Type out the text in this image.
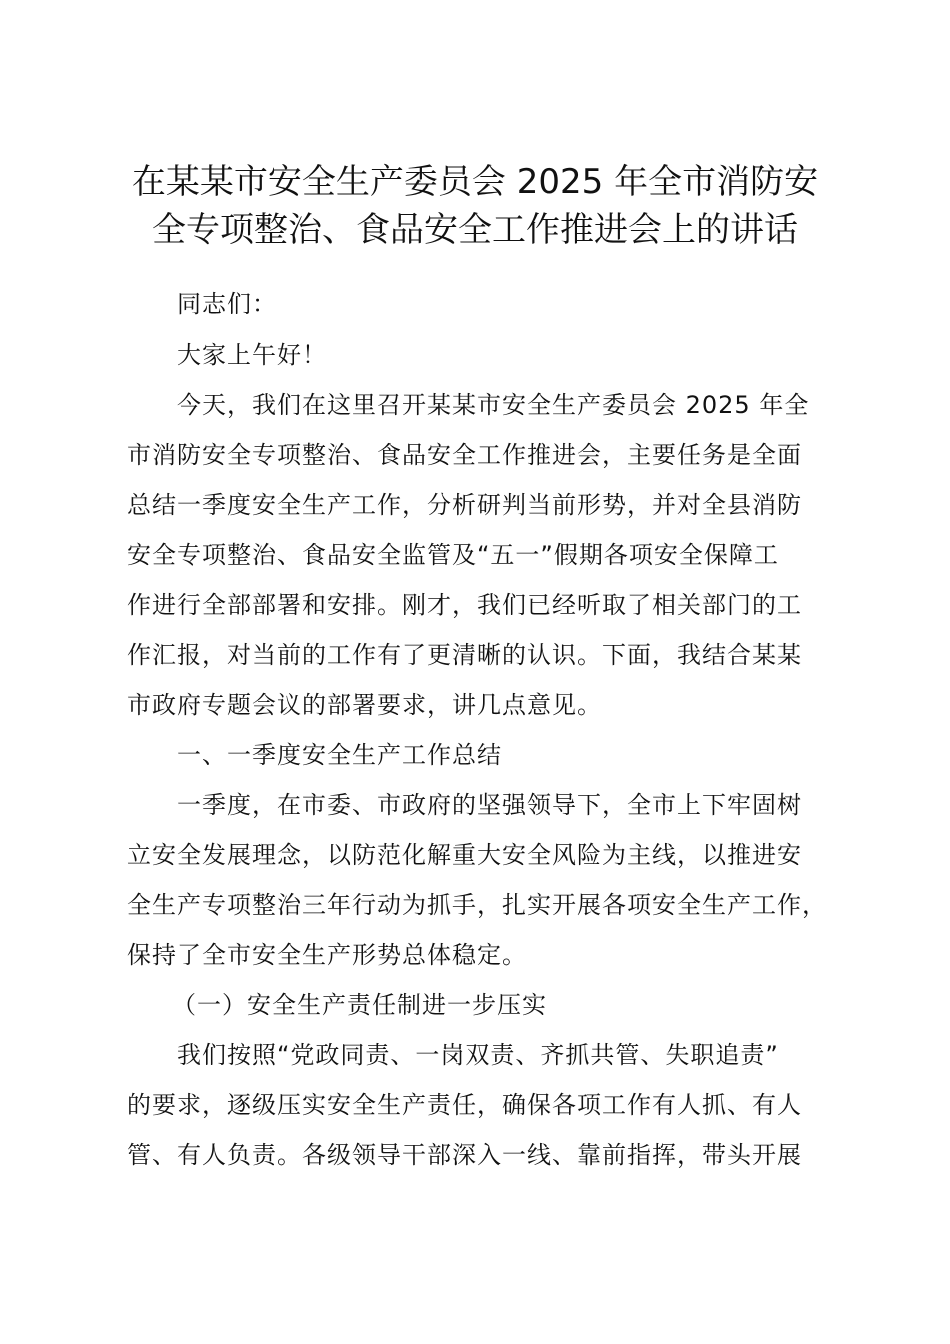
在某某市安全生产委员会 2025 年全市消防安
全专项整治、食品安全工作推进会上的讲话
同志们：
大家上午好！
今天，我们在这里召开某某市安全生产委员会 2025 年全
市消防安全专项整治、食品安全工作推进会，主要任务是全面
总结一季度安全生产工作，分析研判当前形势，并对全县消防
安全专项整治、食品安全监管及“五一”假期各项安全保障工
作进行全部部署和安排。刚才，我们已经听取了相关部门的工
作汇报，对当前的工作有了更清晰的认识。下面，我结合某某
市政府专题会议的部署要求，讲几点意见。
一、一季度安全生产工作总结
一季度，在市委、市政府的坚强领导下，全市上下牢固树
立安全发展理念，以防范化解重大安全风险为主线，以推进安
全生产专项整治三年行动为抓手，扎实开展各项安全生产工作，
保持了全市安全生产形势总体稳定。
（一）安全生产责任制进一步压实
我们按照“党政同责、一岗双责、齐抓共管、失职追责”
的要求，逐级压实安全生产责任，确保各项工作有人抓、有人
管、有人负责。各级领导干部深入一线、靠前指挥，带头开展
